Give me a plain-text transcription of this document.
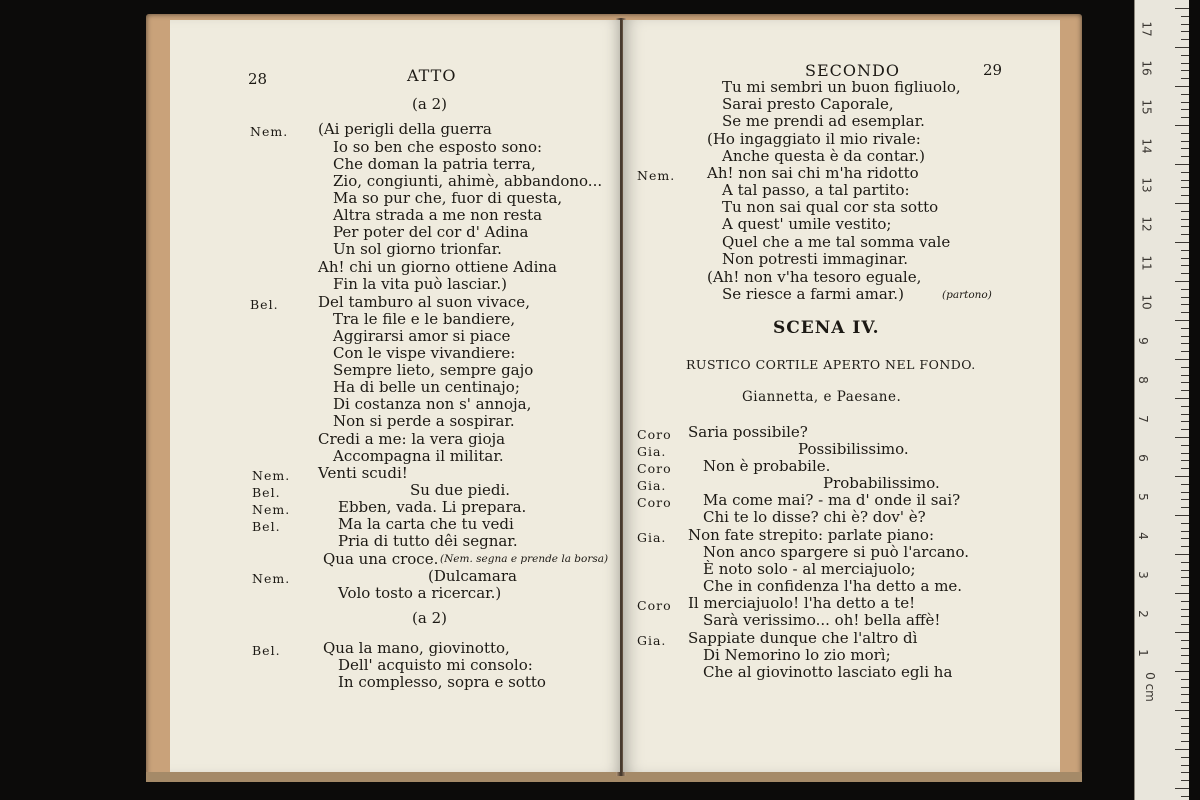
28	ATTO
(a 2)
Nem. (Ai perigli della guerra
Io so ben che esposto sono:
Che doman la patria terra,
Zio, congiunti, ahimè, abbandono...
Ma so pur che, fuor di questa,
Altra strada a me non resta
Per poter del cor d' Adina
Un sol giorno trionfar.
Ah! chi un giorno ottiene Adina
Fin la vita può lasciar.)
Bel.	Del tamburo al suon vivace,
Tra le file e le bandiere,
Aggirarsi amor si piace
Con le vispe vivandiere:
Sempre lieto, sempre gajo
Ha di belle un centinajo;
Di costanza non s' annoja,
Non si perde a sospirar.
Credi a me: la vera gioja
Accompagna il militar.
Nem. Venti scudi!
Bel.	Su due piedi.
Nem.	Ebben, vada. Li prepara.
Bel.	Ma la carta che tu vedi
Pria di tutto dêi segnar.
Qua una croce. (Nem. segna e prende la borsa)
Nem.	(Dulcamara
Volo tosto a ricercar.)
(a 2)
Bel.	Qua la mano, giovinotto,
Dell' acquisto mi consolo:
In complesso, sopra e sotto
SECONDO	29
Tu mi sembri un buon figliuolo,
Sarai presto Caporale,
Se me prendi ad esemplar.
(Ho ingaggiato il mio rivale:
Anche questa è da contar.)
Nem. Ah! non sai chi m'ha ridotto
A tal passo, a tal partito:
Tu non sai qual cor sta sotto
A quest' umile vestito;
Quel che a me tal somma vale
Non potresti immaginar.
(Ah! non v'ha tesoro eguale,
Se riesce a farmi amar.)	(partono)
SCENA IV.
RUSTICO CORTILE APERTO NEL FONDO.
Giannetta, e Paesane.
Coro Saria possibile?
Gia.	Possibilissimo.
Coro Non è probabile.
Gia.	Probabilissimo.
Coro Ma come mai? - ma d' onde il sai?
Chi te lo disse? chi è? dov' è?
Gia. Non fate strepito: parlate piano:
Non anco spargere si può l'arcano.
È noto solo - al merciajuolo;
Che in confidenza l'ha detto a me.
Coro Il merciajuolo! l'ha detto a te!
Sarà verissimo... oh! bella affè!
Gia. Sappiate dunque che l'altro dì
Di Nemorino lo zio morì;
Che al giovinotto lasciato egli ha
17
16
15
14
13
12
11
10
9
8
7
6
5
4
3
2
1
0 cm
